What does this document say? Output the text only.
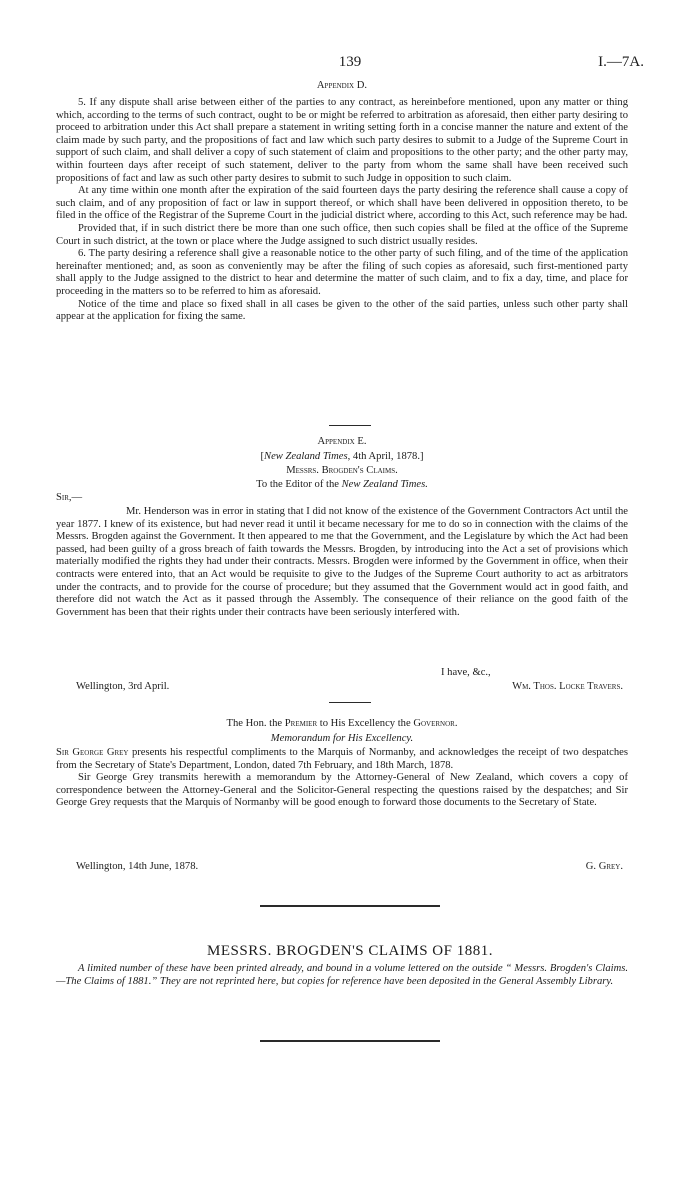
139	I.—7A.
Appendix D.

5. If any dispute shall arise between either of the parties to any contract, as hereinbefore mentioned, upon any matter or thing which, according to the terms of such contract, ought to be or might be referred to arbitration as aforesaid, then either party desiring to proceed to arbitration under this Act shall prepare a statement in writing setting forth in a concise manner the nature and extent of the claim made by such party, and the propositions of fact and law which such party desires to submit to a Judge of the Supreme Court in support of such claim, and shall deliver a copy of such statement of claim and propositions to the other party; and the other party may, within fourteen days after receipt of such statement, deliver to the party from whom the same shall have been received such propositions of fact and law as such other party desires to submit to such Judge in opposition to such claim.

At any time within one month after the expiration of the said fourteen days the party desiring the reference shall cause a copy of such claim, and of any proposition of fact or law in support thereof, or which shall have been delivered in opposition thereto, to be filed in the office of the Registrar of the Supreme Court in the judicial district where, according to this Act, such reference may be had.

Provided that, if in such district there be more than one such office, then such copies shall be filed at the office of the Supreme Court in such district, at the town or place where the Judge assigned to such district usually resides.

6. The party desiring a reference shall give a reasonable notice to the other party of such filing, and of the time of the application hereinafter mentioned; and, as soon as conveniently may be after the filing of such copies as aforesaid, such first-mentioned party shall apply to the Judge assigned to the district to hear and determine the matter of such claim, and to fix a day, time, and place for proceeding in the matters so to be referred to him as aforesaid.

Notice of the time and place so fixed shall in all cases be given to the other of the said parties, unless such other party shall appear at the application for fixing the same.

Appendix E.
[New Zealand Times, 4th April, 1878.]
Messrs. Brogden's Claims.
To the Editor of the New Zealand Times.
Sir,—

Mr. Henderson was in error in stating that I did not know of the existence of the Government Contractors Act until the year 1877. I knew of its existence, but had never read it until it became necessary for me to do so in connection with the claims of the Messrs. Brogden against the Government. It then appeared to me that the Government, and the Legislature by which the Act had been passed, had been guilty of a gross breach of faith towards the Messrs. Brogden, by introducing into the Act a set of provisions which materially modified the rights they had under their contracts. Messrs. Brogden were informed by the Government in office, when their contracts were entered into, that an Act would be requisite to give to the Judges of the Supreme Court authority to act as arbitrators under the contracts, and to provide for the course of procedure; but they assumed that the Government would act in good faith, and therefore did not watch the Act as it passed through the Assembly. The consequence of their reliance on the good faith of the Government has been that their rights under their contracts have been seriously interfered with.

I have, &c.,
Wellington, 3rd April.	Wm. Thos. Locke Travers.
The Hon. the Premier to His Excellency the Governor.
Memorandum for His Excellency.

Sir George Grey presents his respectful compliments to the Marquis of Normanby, and acknowledges the receipt of two despatches from the Secretary of State's Department, London, dated 7th February, and 18th March, 1878.

Sir George Grey transmits herewith a memorandum by the Attorney-General of New Zealand, which covers a copy of correspondence between the Attorney-General and the Solicitor-General respecting the questions raised by the despatches; and Sir George Grey requests that the Marquis of Normanby will be good enough to forward those documents to the Secretary of State.

Wellington, 14th June, 1878.	G. Grey.
MESSRS. BROGDEN'S CLAIMS OF 1881.

A limited number of these have been printed already, and bound in a volume lettered on the outside “ Messrs. Brogden's Claims.—The Claims of 1881.” They are not reprinted here, but copies for reference have been deposited in the General Assembly Library.
